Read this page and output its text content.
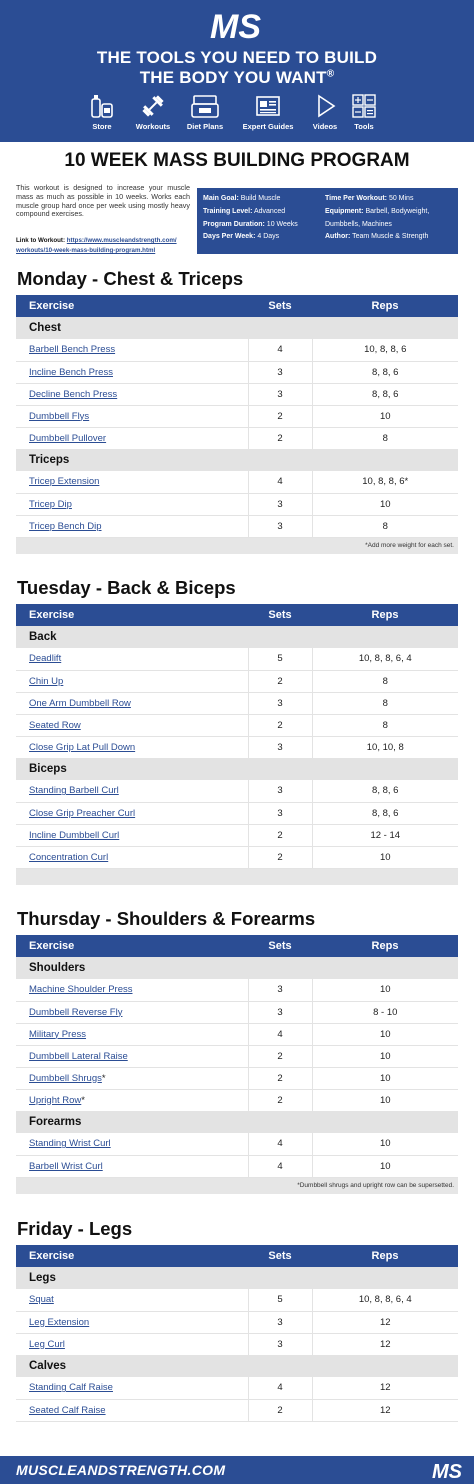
MS
THE TOOLS YOU NEED TO BUILD
THE BODY YOU WANT®
Store	Workouts	Diet Plans	Expert Guides	Videos	Tools
10 WEEK MASS BUILDING PROGRAM
This workout is designed to increase your muscle mass as much as possible in 10 weeks. Works each muscle group hard once per week using mostly heavy compound exercises.
Link to Workout: https://www.muscleandstrength.com/
workouts/10-week-mass-building-program.html
Main Goal: Build Muscle
Training Level: Advanced
Program Duration: 10 Weeks
Days Per Week: 4 Days
Time Per Workout: 50 Mins
Equipment: Barbell, Bodyweight,
Dumbbells, Machines
Author: Team Muscle & Strength
Monday - Chest & Triceps
Exercise	Sets	Reps
Chest		
Barbell Bench Press	4	10, 8, 8, 6
Incline Bench Press	3	8, 8, 6
Decline Bench Press	3	8, 8, 6
Dumbbell Flys	2	10
Dumbbell Pullover	2	8
Triceps		
Tricep Extension	4	10, 8, 8, 6*
Tricep Dip	3	10
Tricep Bench Dip	3	8
*Add more weight for each set.		
Tuesday - Back & Biceps
Exercise	Sets	Reps
Back		
Deadlift	5	10, 8, 8, 6, 4
Chin Up	2	8
One Arm Dumbbell Row	3	8
Seated Row	2	8
Close Grip Lat Pull Down	3	10, 10, 8
Biceps		
Standing Barbell Curl	3	8, 8, 6
Close Grip Preacher Curl	3	8, 8, 6
Incline Dumbbell Curl	2	12 - 14
Concentration Curl	2	10

Thursday - Shoulders & Forearms
Exercise	Sets	Reps
Shoulders		
Machine Shoulder Press	3	10
Dumbbell Reverse Fly	3	8 - 10
Military Press	4	10
Dumbbell Lateral Raise	2	10
Dumbbell Shrugs*	2	10
Upright Row*	2	10
Forearms		
Standing Wrist Curl	4	10
Barbell Wrist Curl	4	10
*Dumbbell shrugs and upright row can be supersetted.		
Friday - Legs
Exercise	Sets	Reps
Legs		
Squat	5	10, 8, 8, 6, 4
Leg Extension	3	12
Leg Curl	3	12
Calves		
Standing Calf Raise	4	12
Seated Calf Raise	2	12
MUSCLEANDSTRENGTH.COM	MS
